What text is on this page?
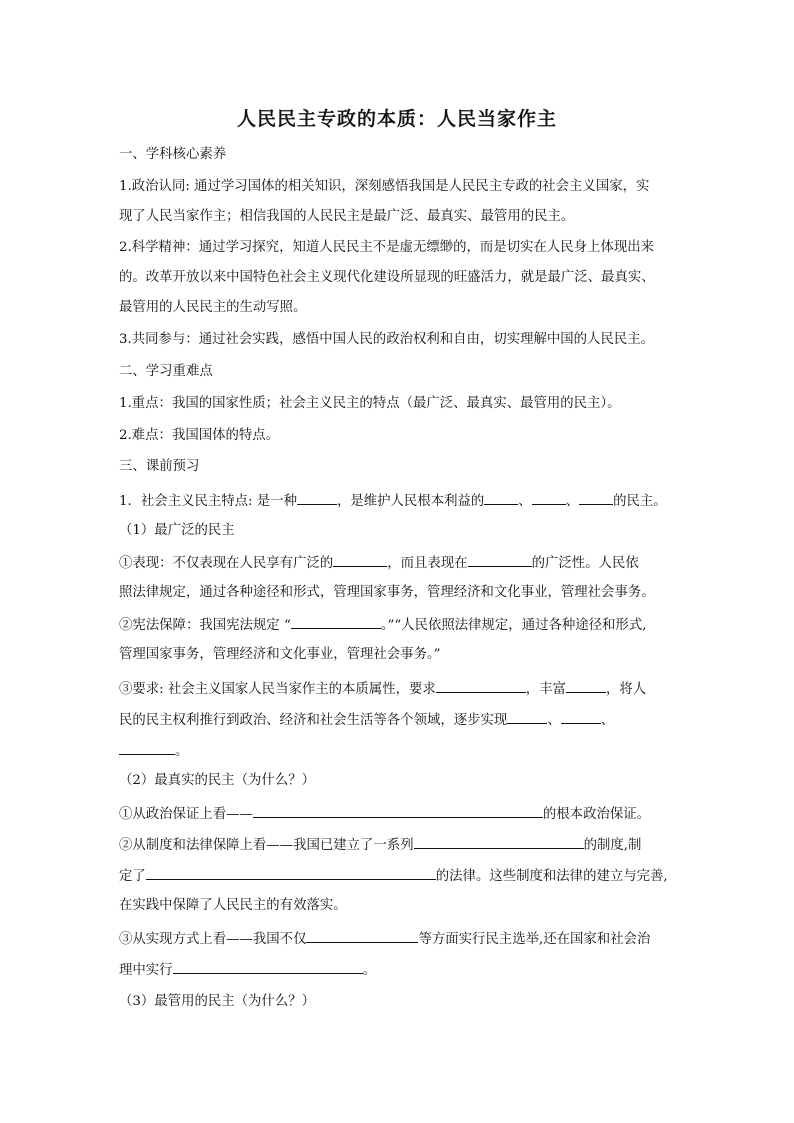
人民民主专政的本质：人民当家作主
一、学科核心素养
1.政治认同: 通过学习国体的相关知识，深刻感悟我国是人民民主专政的社会主义国家，实
现了人民当家作主；相信我国的人民民主是最广泛、最真实、最管用的民主。
2.科学精神：通过学习探究，知道人民民主不是虚无缥缈的，而是切实在人民身上体现出来
的。改革开放以来中国特色社会主义现代化建设所显现的旺盛活力，就是最广泛、最真实、
最管用的人民民主的生动写照。
3.共同参与：通过社会实践，感悟中国人民的政治权利和自由，切实理解中国的人民民主。
二、学习重难点
1.重点：我国的国家性质；社会主义民主的特点（最广泛、最真实、最管用的民主）。
2.难点：我国国体的特点。
三、课前预习
1．社会主义民主特点: 是一种	，是维护人民根本利益的	、	、	的民主。
（1）最广泛的民主
①表现：不仅表现在人民享有广泛的	，而且表现在	的广泛性。人民依
照法律规定，通过各种途径和形式，管理国家事务，管理经济和文化事业，管理社会事务。
②宪法保障：我国宪法规定 “	。”“人民依照法律规定，通过各种途径和形式,
管理国家事务，管理经济和文化事业，管理社会事务。”
③要求: 社会主义国家人民当家作主的本质属性，要求	，丰富	，将人
民的民主权利推行到政治、经济和社会生活等各个领域，逐步实现	、	、
。
（2）最真实的民主（为什么？）
①从政治保证上看——	的根本政治保证。
②从制度和法律保障上看——我国已建立了一系列	的制度,制
定了	的法律。这些制度和法律的建立与完善,
在实践中保障了人民民主的有效落实。
③从实现方式上看——我国不仅	等方面实行民主选举,还在国家和社会治
理中实行	。
（3）最管用的民主（为什么？）
